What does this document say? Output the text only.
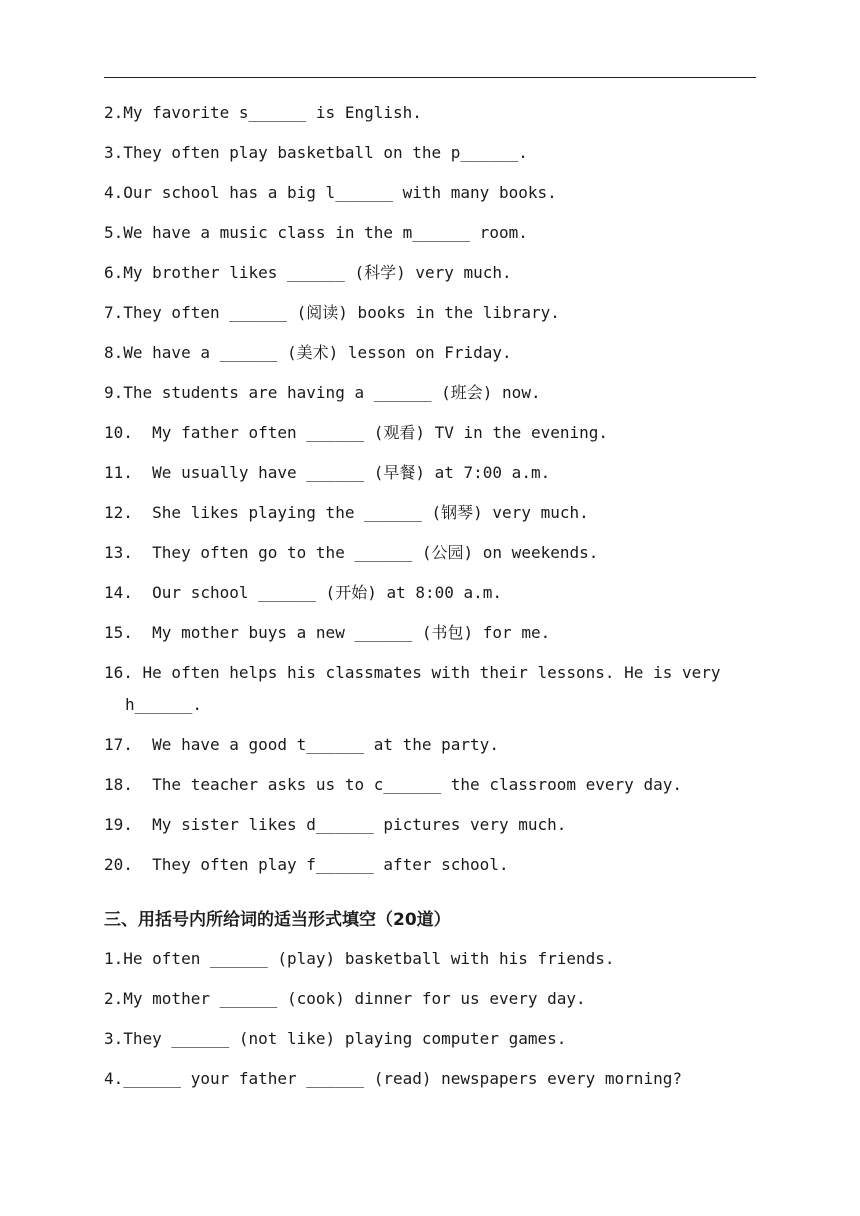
2.My favorite s______ is English.
3.They often play basketball on the p______.
4.Our school has a big l______ with many books.
5.We have a music class in the m______ room.
6.My brother likes ______ (科学) very much.
7.They often ______ (阅读) books in the library.
8.We have a ______ (美术) lesson on Friday.
9.The students are having a ______ (班会) now.
10.  My father often ______ (观看) TV in the evening.
11.  We usually have ______ (早餐) at 7:00 a.m.
12.  She likes playing the ______ (钢琴) very much.
13.  They often go to the ______ (公园) on weekends.
14.  Our school ______ (开始) at 8:00 a.m.
15.  My mother buys a new ______ (书包) for me.
16. He often helps his classmates with their lessons. He is very h______.
17.  We have a good t______ at the party.
18.  The teacher asks us to c______ the classroom every day.
19.  My sister likes d______ pictures very much.
20.  They often play f______ after school.
三、用括号内所给词的适当形式填空（20道）
1.He often ______ (play) basketball with his friends.
2.My mother ______ (cook) dinner for us every day.
3.They ______ (not like) playing computer games.
4.______ your father ______ (read) newspapers every morning?
